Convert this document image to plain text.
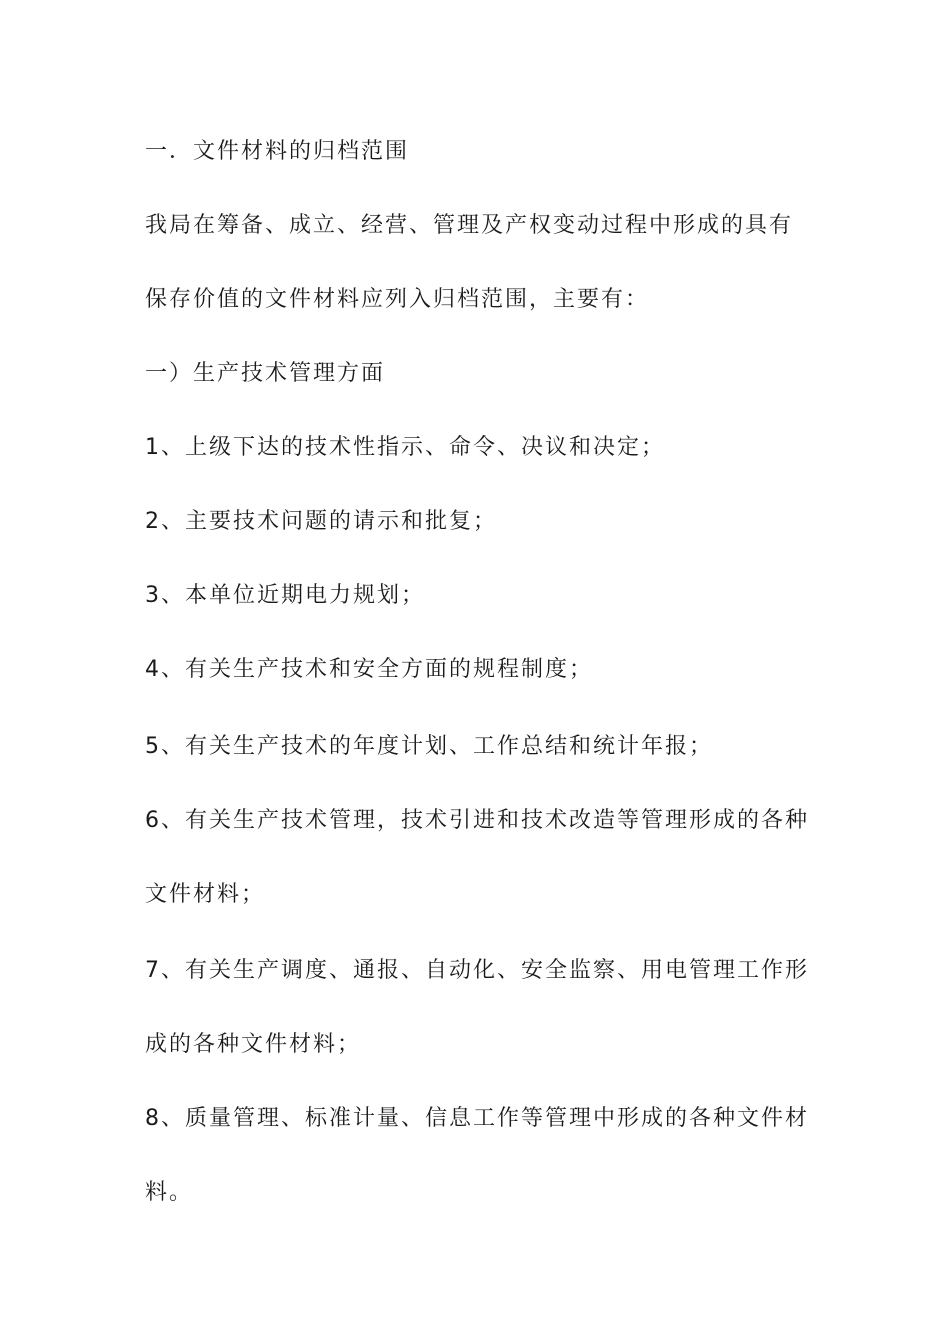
一．文件材料的归档范围
我局在筹备、成立、经营、管理及产权变动过程中形成的具有
保存价值的文件材料应列入归档范围，主要有：
一）生产技术管理方面
1、上级下达的技术性指示、命令、决议和决定；
2、主要技术问题的请示和批复；
3、本单位近期电力规划；
4、有关生产技术和安全方面的规程制度；
5、有关生产技术的年度计划、工作总结和统计年报；
6、有关生产技术管理，技术引进和技术改造等管理形成的各种
文件材料；
7、有关生产调度、通报、自动化、安全监察、用电管理工作形
成的各种文件材料；
8、质量管理、标准计量、信息工作等管理中形成的各种文件材
料。
